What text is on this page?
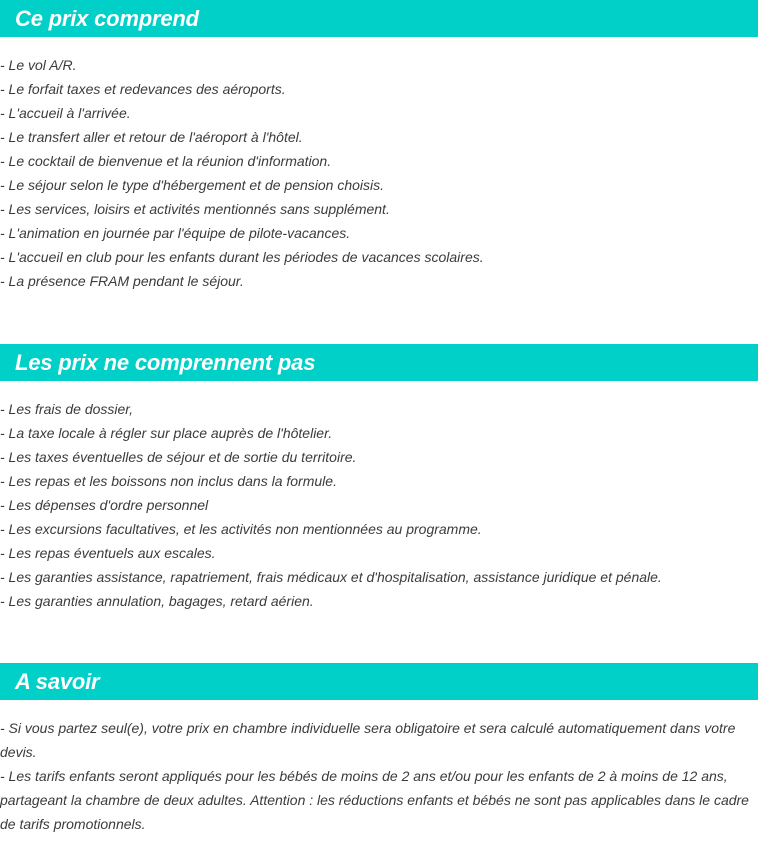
Ce prix comprend
- Le vol A/R.
- Le forfait taxes et redevances des aéroports.
- L'accueil à l'arrivée.
- Le transfert aller et retour de l'aéroport à l'hôtel.
- Le cocktail de bienvenue et la réunion d'information.
- Le séjour selon le type d'hébergement et de pension choisis.
- Les services, loisirs et activités mentionnés sans supplément.
- L'animation en journée par l'équipe de pilote-vacances.
- L'accueil en club pour les enfants durant les périodes de vacances scolaires.
- La présence FRAM pendant le séjour.
Les prix ne comprennent pas
- Les frais de dossier,
- La taxe locale à régler sur place auprès de l'hôtelier.
- Les taxes éventuelles de séjour et de sortie du territoire.
- Les repas et les boissons non inclus dans la formule.
- Les dépenses d'ordre personnel
- Les excursions facultatives, et les activités non mentionnées au programme.
- Les repas éventuels aux escales.
- Les garanties assistance, rapatriement, frais médicaux et d'hospitalisation, assistance juridique et pénale.
- Les garanties annulation, bagages, retard aérien.
A savoir

- Si vous partez seul(e), votre prix en chambre individuelle sera obligatoire et sera calculé automatiquement dans votre devis.

- Les tarifs enfants seront appliqués pour les bébés de moins de 2 ans et/ou pour les enfants de 2 à moins de 12 ans, partageant la chambre de deux adultes. Attention : les réductions enfants et bébés ne sont pas applicables dans le cadre de tarifs promotionnels.
